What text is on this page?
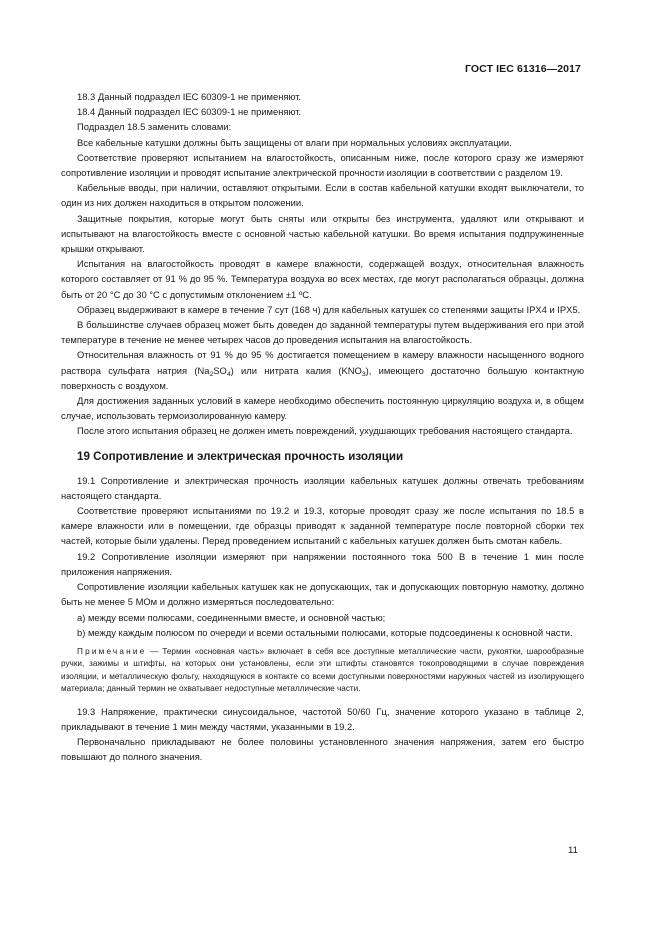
ГОСТ IEC 61316—2017

18.3 Данный подраздел IEC 60309-1 не применяют.

18.4 Данный подраздел IEC 60309-1 не применяют.

Подраздел 18.5 заменить словами:

Все кабельные катушки должны быть защищены от влаги при нормальных условиях эксплуатации.

Соответствие проверяют испытанием на влагостойкость, описанным ниже, после которого сразу же измеряют сопротивление изоляции и проводят испытание электрической прочности изоляции в соответствии с разделом 19.

Кабельные вводы, при наличии, оставляют открытыми. Если в состав кабельной катушки входят выключатели, то один из них должен находиться в открытом положении.

Защитные покрытия, которые могут быть сняты или открыты без инструмента, удаляют или открывают и испытывают на влагостойкость вместе с основной частью кабельной катушки. Во время испытания подпружиненные крышки открывают.

Испытания на влагостойкость проводят в камере влажности, содержащей воздух, относительная влажность которого составляет от 91 % до 95 %. Температура воздуха во всех местах, где могут располагаться образцы, должна быть от 20 °С до 30 °С с допустимым отклонением ±1 ºС.

Образец выдерживают в камере в течение 7 сут (168 ч) для кабельных катушек со степенями защиты IPX4 и IPX5.

В большинстве случаев образец может быть доведен до заданной температуры путем выдерживания его при этой температуре в течение не менее четырех часов до проведения испытания на влагостойкость.

Относительная влажность от 91 % до 95 % достигается помещением в камеру влажности насыщенного водного раствора сульфата натрия $(Na_2SO_4)$ или нитрата калия $(KNO_3)$, имеющего достаточно большую контактную поверхность с воздухом.

Для достижения заданных условий в камере необходимо обеспечить постоянную циркуляцию воздуха и, в общем случае, использовать термоизолированную камеру.

После этого испытания образец не должен иметь повреждений, ухудшающих требования настоящего стандарта.

19 Сопротивление и электрическая прочность изоляции

19.1 Сопротивление и электрическая прочность изоляции кабельных катушек должны отвечать требованиям настоящего стандарта.

Соответствие проверяют испытаниями по 19.2 и 19.3, которые проводят сразу же после испытания по 18.5 в камере влажности или в помещении, где образцы приводят к заданной температуре после повторной сборки тех частей, которые были удалены. Перед проведением испытаний с кабельных катушек должен быть смотан кабель.

19.2 Сопротивление изоляции измеряют при напряжении постоянного тока 500 В в течение 1 мин после приложения напряжения.

Сопротивление изоляции кабельных катушек как не допускающих, так и допускающих повторную намотку, должно быть не менее 5 МОм и должно измеряться последовательно:

a) между всеми полюсами, соединенными вместе, и основной частью;

b) между каждым полюсом по очереди и всеми остальными полюсами, которые подсоединены к основной части.

Примечание — Термин «основная часть» включает в себя все доступные металлические части, рукоятки, шарообразные ручки, зажимы и штифты, на которых они установлены, если эти штифты становятся токопроводящими в случае повреждения изоляции, и металлическую фольгу, находящуюся в контакте со всеми доступными поверхностями наружных частей из изолирующего материала; данный термин не охватывает недоступные металлические части.

19.3 Напряжение, практически синусоидальное, частотой 50/60 Гц, значение которого указано в таблице 2, прикладывают в течение 1 мин между частями, указанными в 19.2.

Первоначально прикладывают не более половины установленного значения напряжения, затем его быстро повышают до полного значения.

11
